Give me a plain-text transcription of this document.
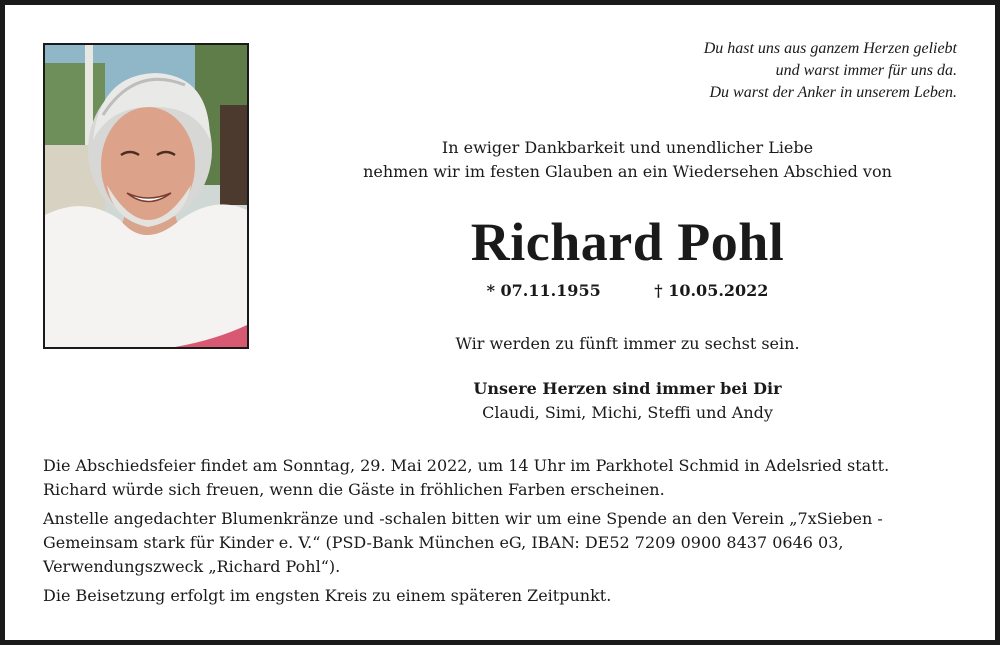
Du hast uns aus ganzem Herzen geliebt
und warst immer für uns da.
Du warst der Anker in unserem Leben.
In ewiger Dankbarkeit und unendlicher Liebe
nehmen wir im festen Glauben an ein Wiedersehen Abschied von
Richard Pohl
* 07.11.1955	† 10.05.2022
Wir werden zu fünft immer zu sechst sein.
Unsere Herzen sind immer bei Dir
Claudi, Simi, Michi, Steffi und Andy

Die Abschiedsfeier findet am Sonntag, 29. Mai 2022, um 14 Uhr im Parkhotel Schmid in Adelsried statt.
Richard würde sich freuen, wenn die Gäste in fröhlichen Farben erscheinen.

Anstelle angedachter Blumenkränze und -schalen bitten wir um eine Spende an den Verein „7xSieben -
Gemeinsam stark für Kinder e. V.“ (PSD-Bank München eG, IBAN: DE52 7209 0900 8437 0646 03,
Verwendungszweck „Richard Pohl“).

Die Beisetzung erfolgt im engsten Kreis zu einem späteren Zeitpunkt.
